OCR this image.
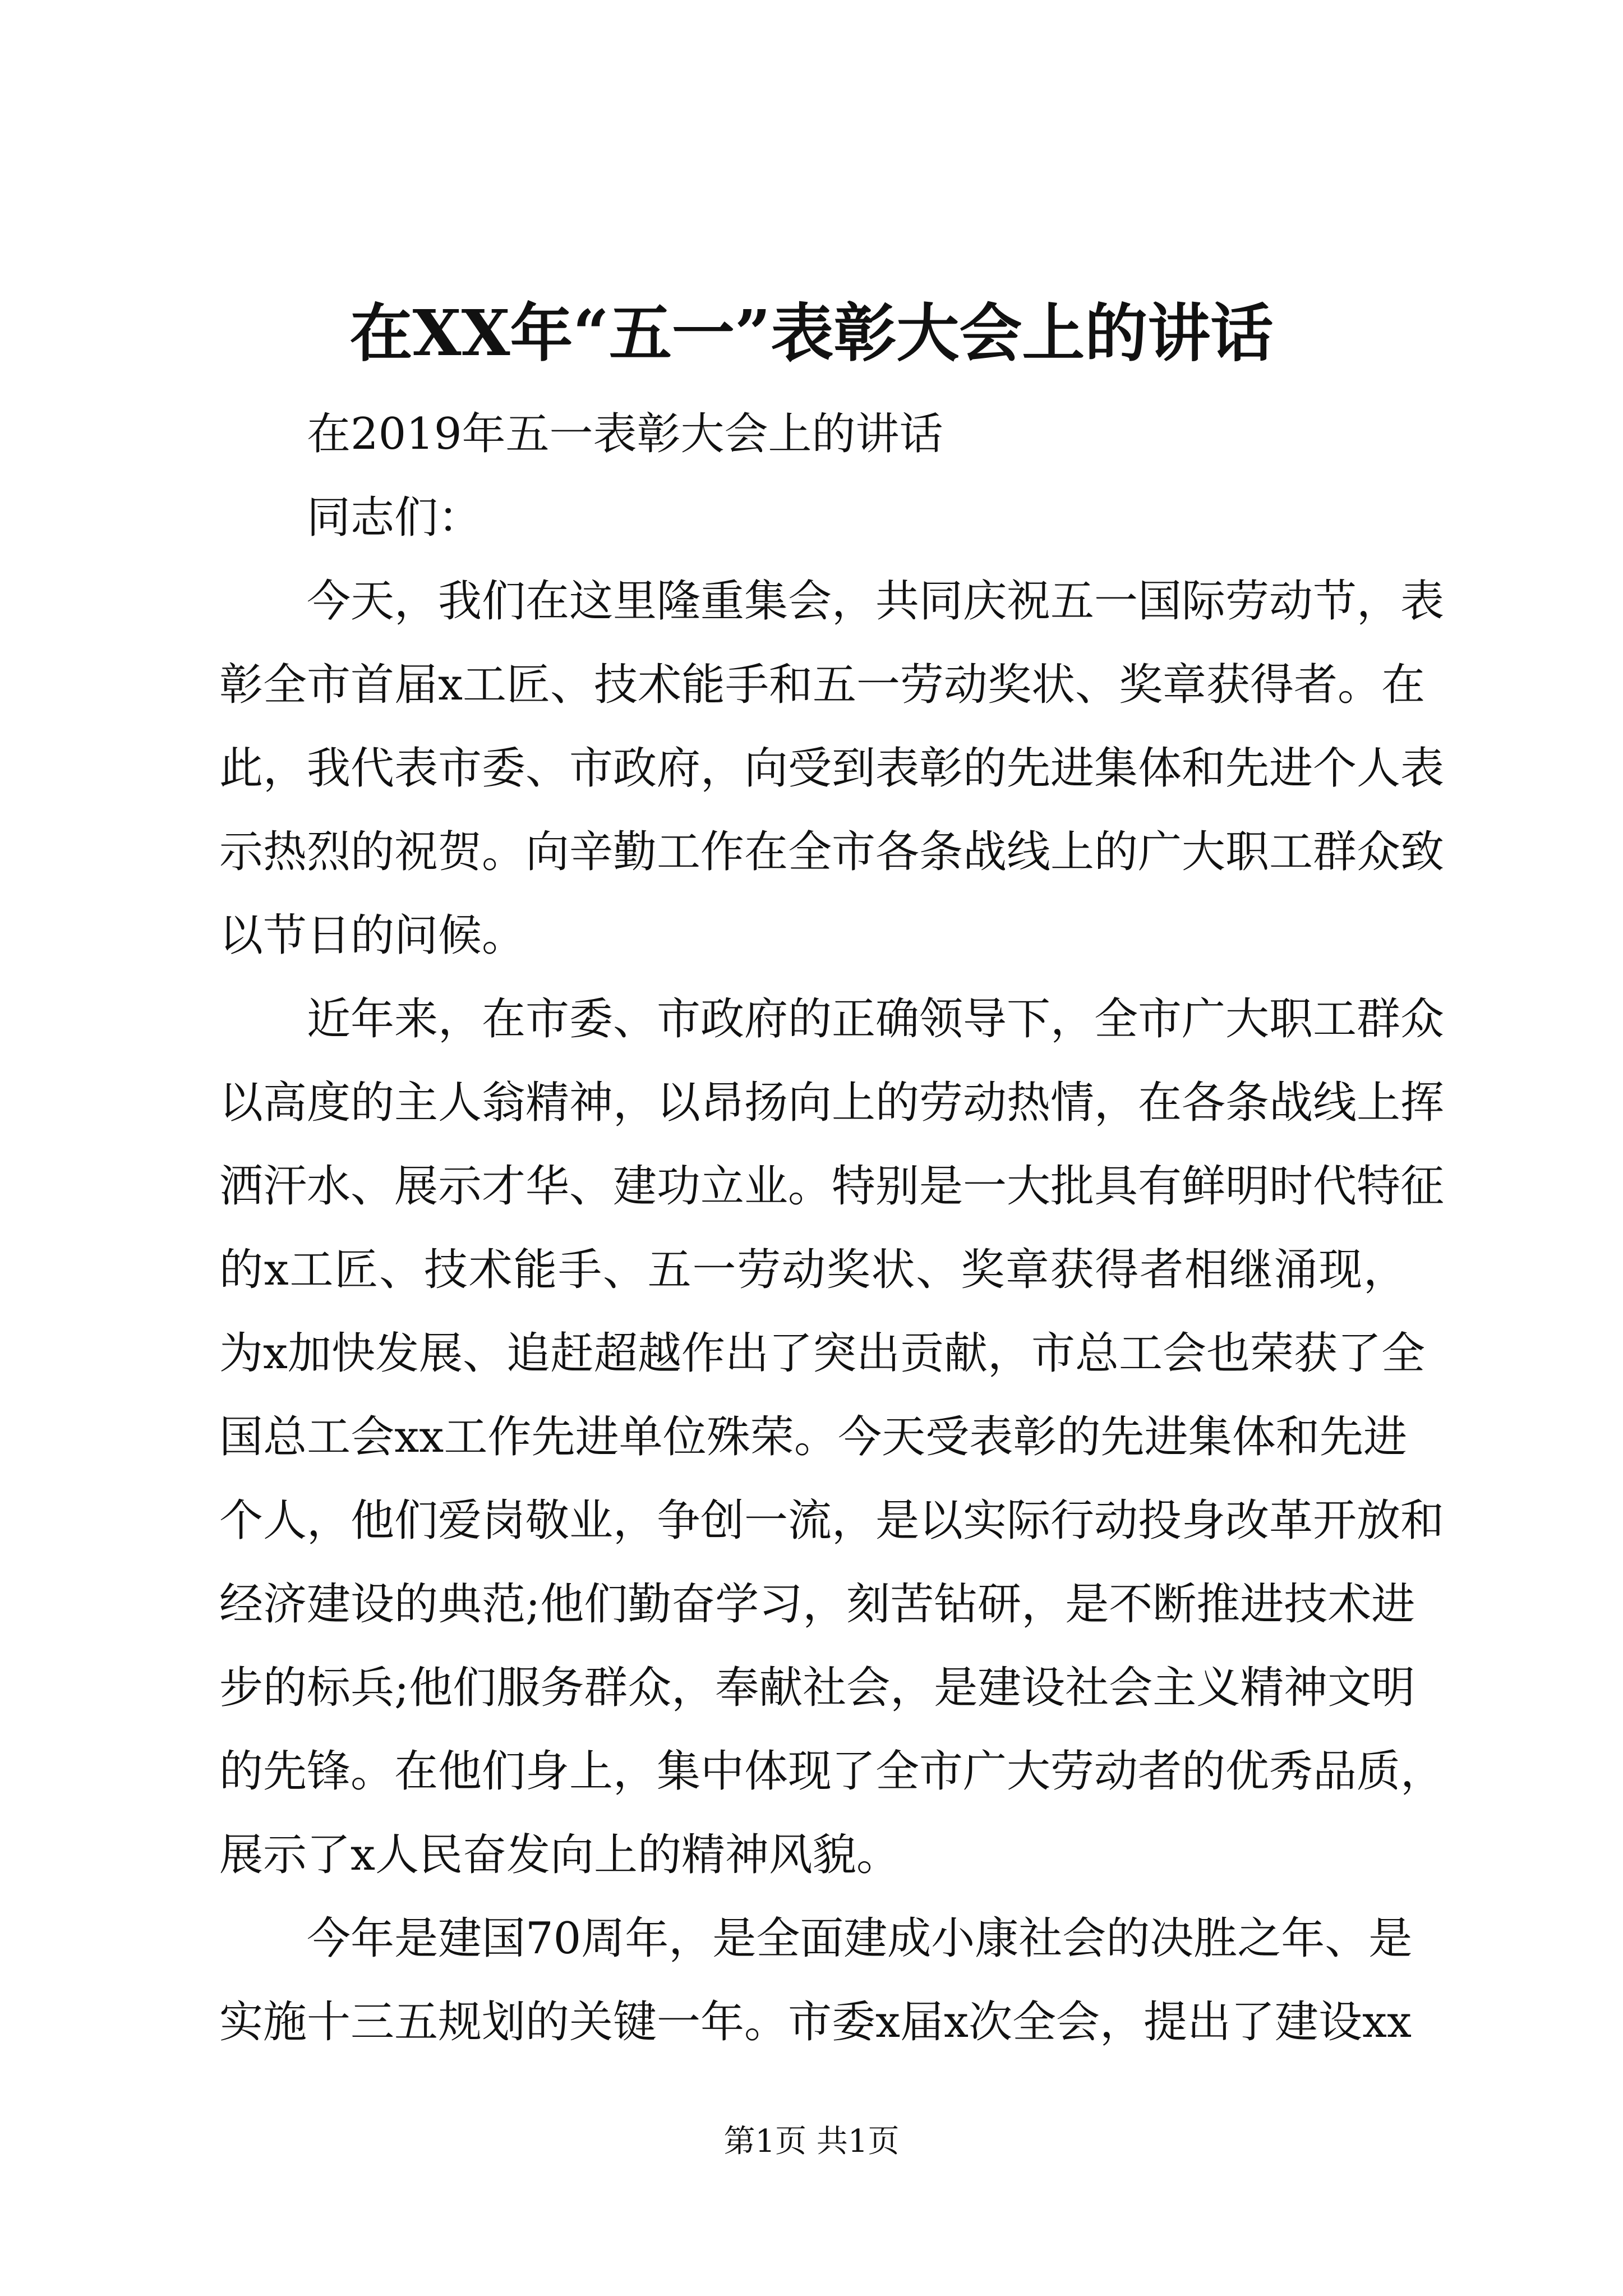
在XX年“五一”表彰大会上的讲话

在2019年五一表彰大会上的讲话

同志们：

今天，我们在这里隆重集会，共同庆祝五一国际劳动节，表

彰全市首届x工匠、技术能手和五一劳动奖状、奖章获得者。在

此，我代表市委、市政府，向受到表彰的先进集体和先进个人表

示热烈的祝贺。向辛勤工作在全市各条战线上的广大职工群众致

以节日的问候。

近年来，在市委、市政府的正确领导下，全市广大职工群众

以高度的主人翁精神，以昂扬向上的劳动热情，在各条战线上挥

洒汗水、展示才华、建功立业。特别是一大批具有鲜明时代特征

的x工匠、技术能手、五一劳动奖状、奖章获得者相继涌现，

为x加快发展、追赶超越作出了突出贡献，市总工会也荣获了全

国总工会xx工作先进单位殊荣。今天受表彰的先进集体和先进

个人，他们爱岗敬业，争创一流，是以实际行动投身改革开放和

经济建设的典范;他们勤奋学习，刻苦钻研，是不断推进技术进

步的标兵;他们服务群众，奉献社会，是建设社会主义精神文明

的先锋。在他们身上，集中体现了全市广大劳动者的优秀品质，

展示了x人民奋发向上的精神风貌。

今年是建国70周年，是全面建成小康社会的决胜之年、是

实施十三五规划的关键一年。市委x届x次全会，提出了建设xx

第1页 共1页
